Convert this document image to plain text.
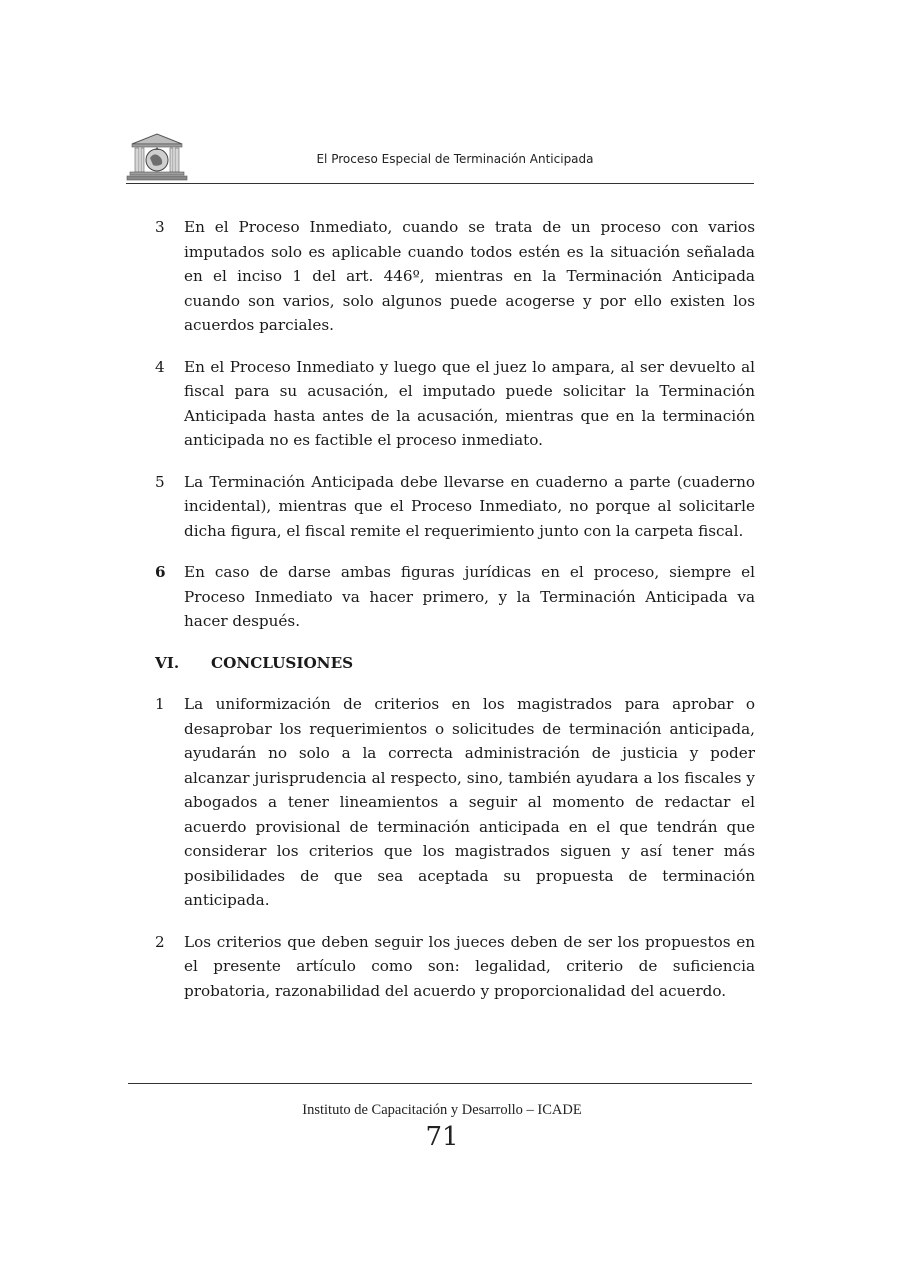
El Proceso Especial de Terminación Anticipada
3	En el Proceso Inmediato, cuando se trata de un proceso con varios imputados solo es aplicable cuando todos estén es la situación señalada en el inciso 1 del art. 446º, mientras en la Terminación Anticipada cuando son varios, solo algunos puede acogerse y por ello existen los acuerdos parciales.
4	En el Proceso Inmediato y luego que el juez lo ampara, al ser devuelto al fiscal para su acusación, el imputado puede solicitar la Terminación Anticipada hasta antes de la acusación, mientras que en la terminación anticipada no es factible el proceso inmediato.
5	La Terminación Anticipada debe llevarse en cuaderno a parte (cuaderno incidental), mientras que el Proceso Inmediato, no porque al solicitarle dicha figura, el fiscal remite el requerimiento junto con la carpeta fiscal.
6	En caso de darse ambas figuras jurídicas en el proceso, siempre el Proceso Inmediato va hacer primero, y la Terminación Anticipada va hacer después.
VI.	CONCLUSIONES
1	La uniformización de criterios en los magistrados para aprobar o desaprobar los requerimientos o solicitudes de terminación anticipada, ayudarán no solo a la correcta administración de justicia y poder alcanzar jurisprudencia al respecto, sino, también ayudara a los fiscales y abogados a tener lineamientos a seguir al momento de redactar el acuerdo provisional de terminación anticipada en el que tendrán que considerar los criterios que los magistrados siguen y así tener más posibilidades de que sea aceptada su propuesta de terminación anticipada.
2	Los criterios que deben seguir los jueces deben de ser los propuestos en el presente artículo como son: legalidad, criterio de suficiencia probatoria, razonabilidad del acuerdo y proporcionalidad del acuerdo.
Instituto de Capacitación y Desarrollo – ICADE
71
